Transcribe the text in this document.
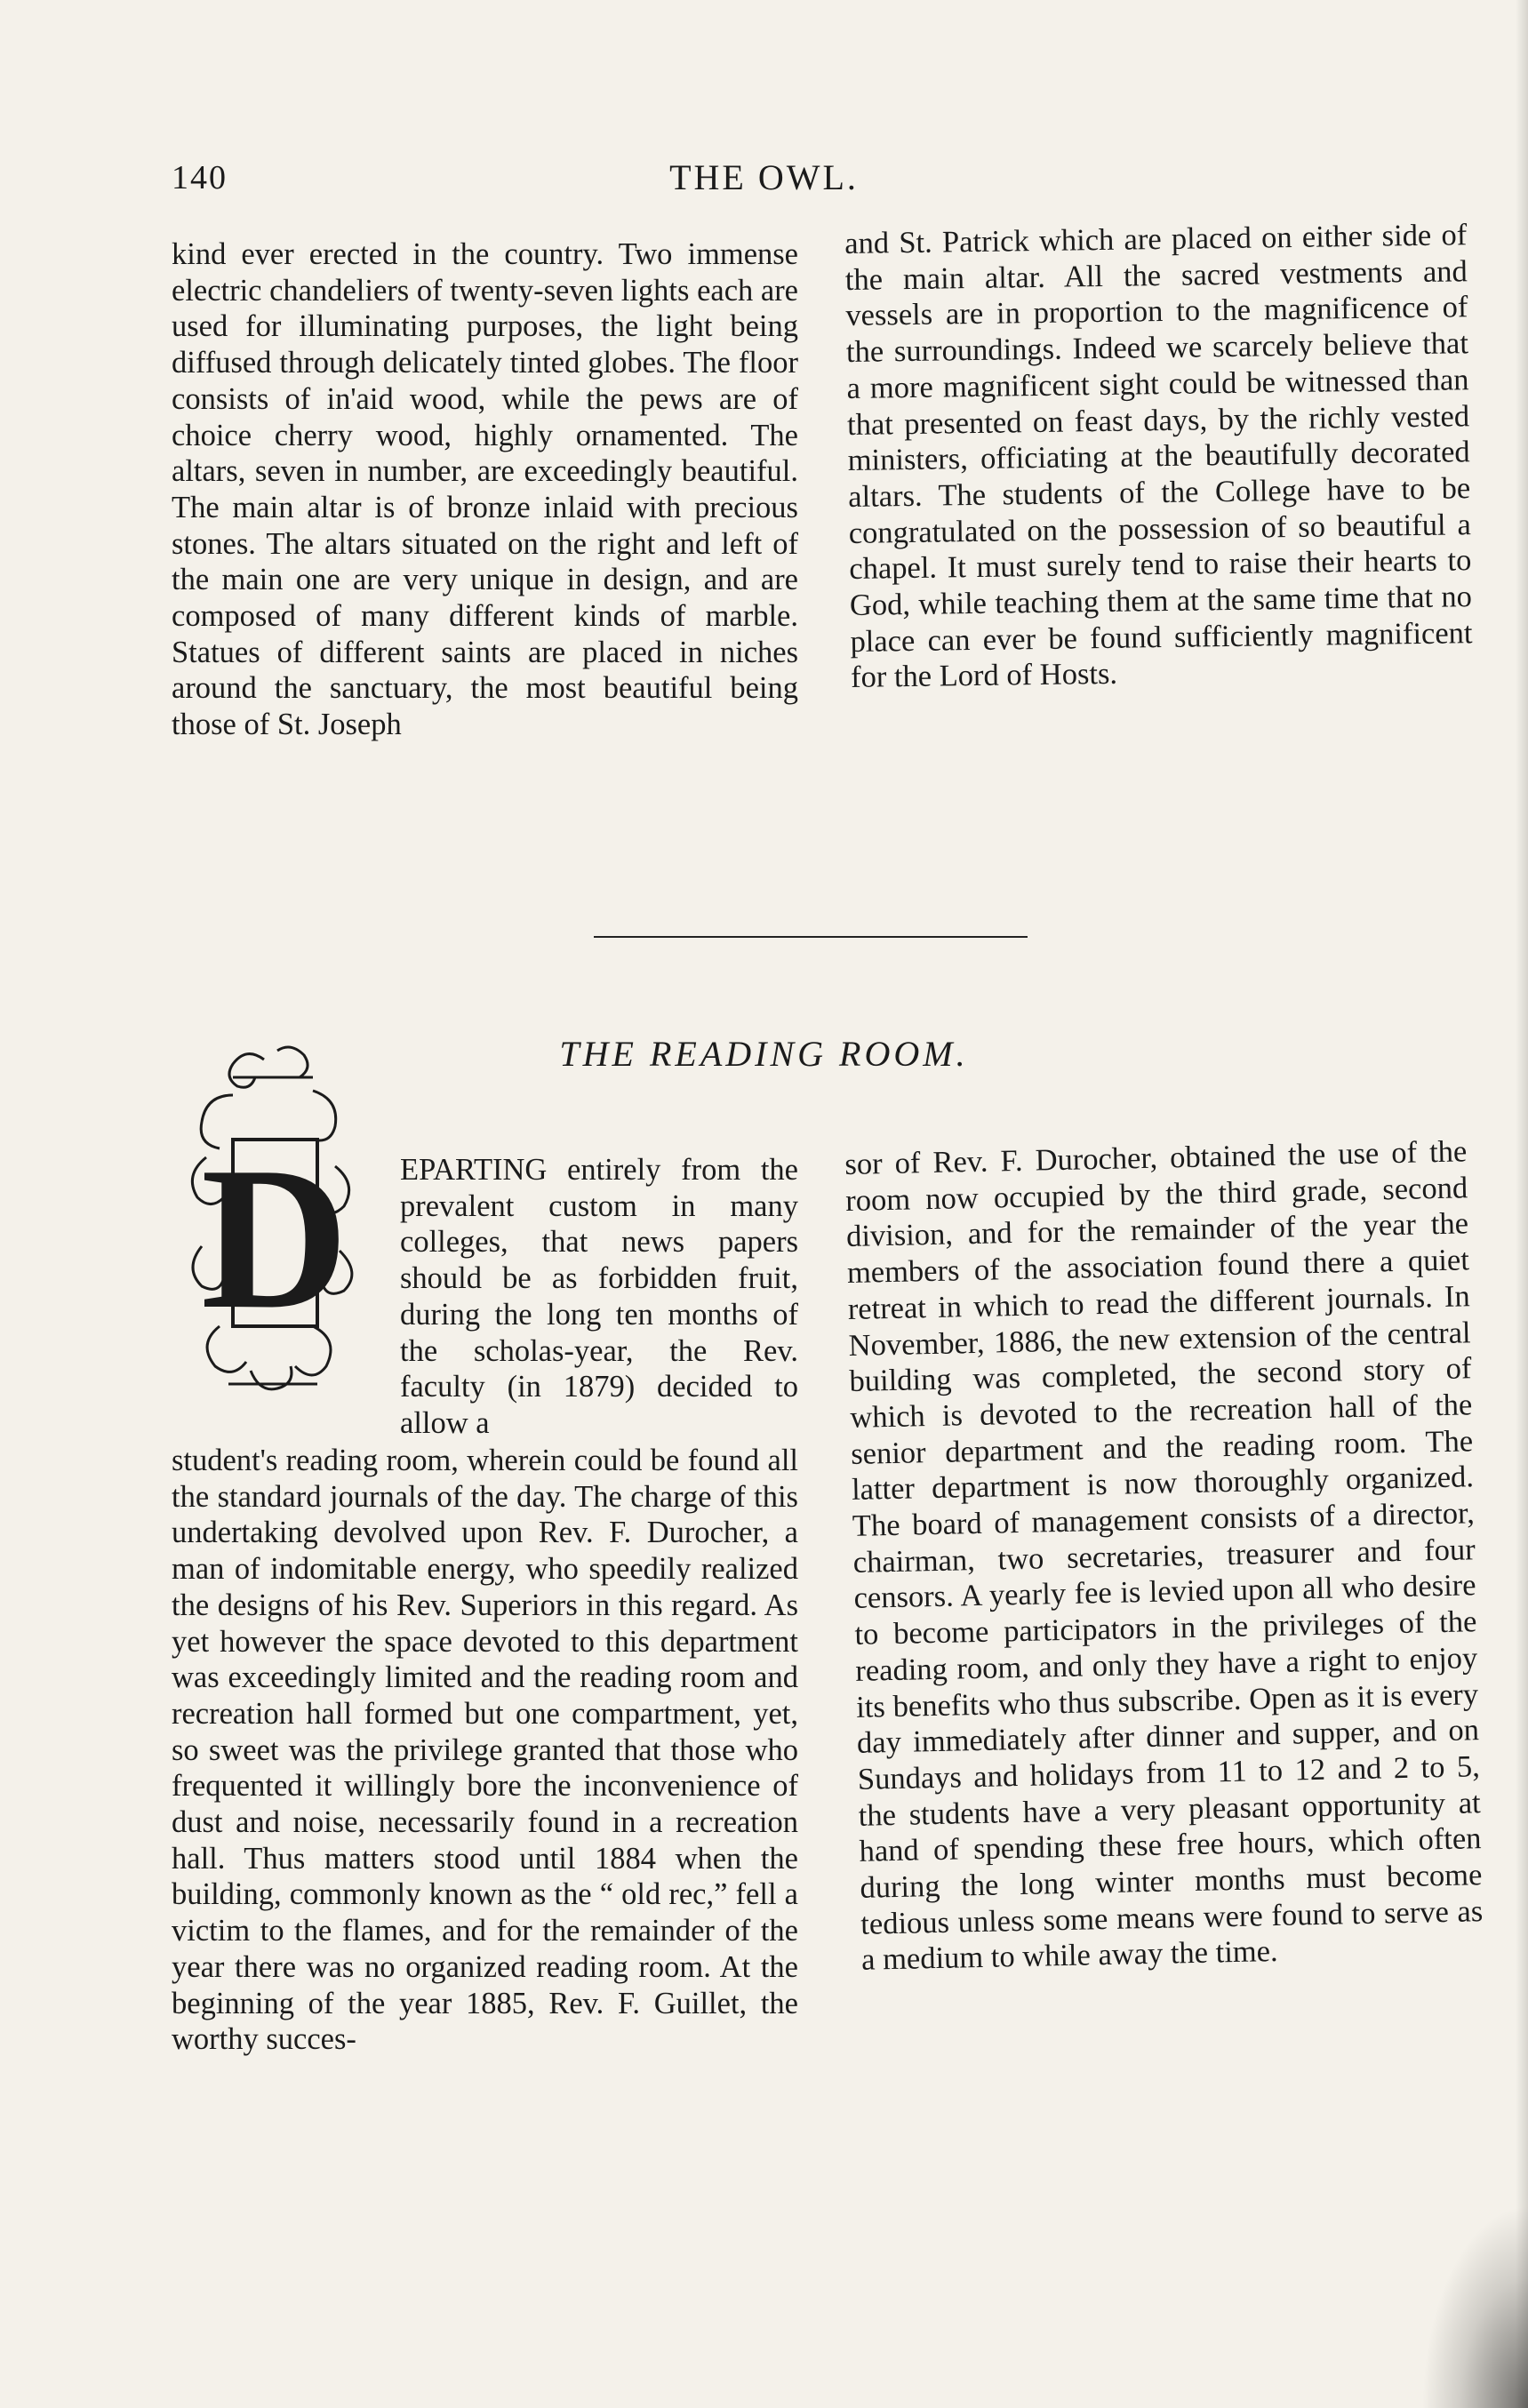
140	THE OWL.

kind ever erected in the country. Two immense electric chandeliers of twenty-seven lights each are used for illuminating purposes, the light being diffused through delicately tinted globes. The floor consists of in'aid wood, while the pews are of choice cherry wood, highly ornamented. The altars, seven in number, are exceedingly beautiful. The main altar is of bronze inlaid with precious stones. The altars situated on the right and left of the main one are very unique in design, and are composed of many different kinds of marble. Statues of different saints are placed in niches around the sanctuary, the most beautiful being those of St. Joseph

and St. Patrick which are placed on either side of the main altar. All the sacred vestments and vessels are in proportion to the magnificence of the surroundings. Indeed we scarcely believe that a more magnificent sight could be witnessed than that presented on feast days, by the richly vested ministers, officiating at the beautifully decorated altars. The students of the College have to be congratulated on the possession of so beautiful a chapel. It must surely tend to raise their hearts to God, while teaching them at the same time that no place can ever be found sufficiently magnificent for the Lord of Hosts.

THE READING ROOM.
D EPARTING entirely from the prevalent custom in many colleges, that news papers should be as forbidden fruit, during the long ten months of the scholas-year, the Rev. faculty (in 1879) decided to allow a

student's reading room, wherein could be found all the standard journals of the day. The charge of this undertaking devolved upon Rev. F. Durocher, a man of indomitable energy, who speedily realized the designs of his Rev. Superiors in this regard. As yet however the space devoted to this department was exceedingly limited and the reading room and recreation hall formed but one compartment, yet, so sweet was the privilege granted that those who frequented it willingly bore the inconvenience of dust and noise, necessarily found in a recreation hall. Thus matters stood until 1884 when the building, commonly known as the “ old rec,” fell a victim to the flames, and for the remainder of the year there was no organized reading room. At the beginning of the year 1885, Rev. F. Guillet, the worthy succes-

sor of Rev. F. Durocher, obtained the use of the room now occupied by the third grade, second division, and for the remainder of the year the members of the association found there a quiet retreat in which to read the different journals. In November, 1886, the new extension of the central building was completed, the second story of which is devoted to the recreation hall of the senior department and the reading room. The latter department is now thoroughly organized. The board of management consists of a director, chairman, two secretaries, treasurer and four censors. A yearly fee is levied upon all who desire to become participators in the privileges of the reading room, and only they have a right to enjoy its benefits who thus subscribe. Open as it is every day immediately after dinner and supper, and on Sundays and holidays from 11 to 12 and 2 to 5, the students have a very pleasant opportunity at hand of spending these free hours, which often during the long winter months must become tedious unless some means were found to serve as a medium to while away the time.
